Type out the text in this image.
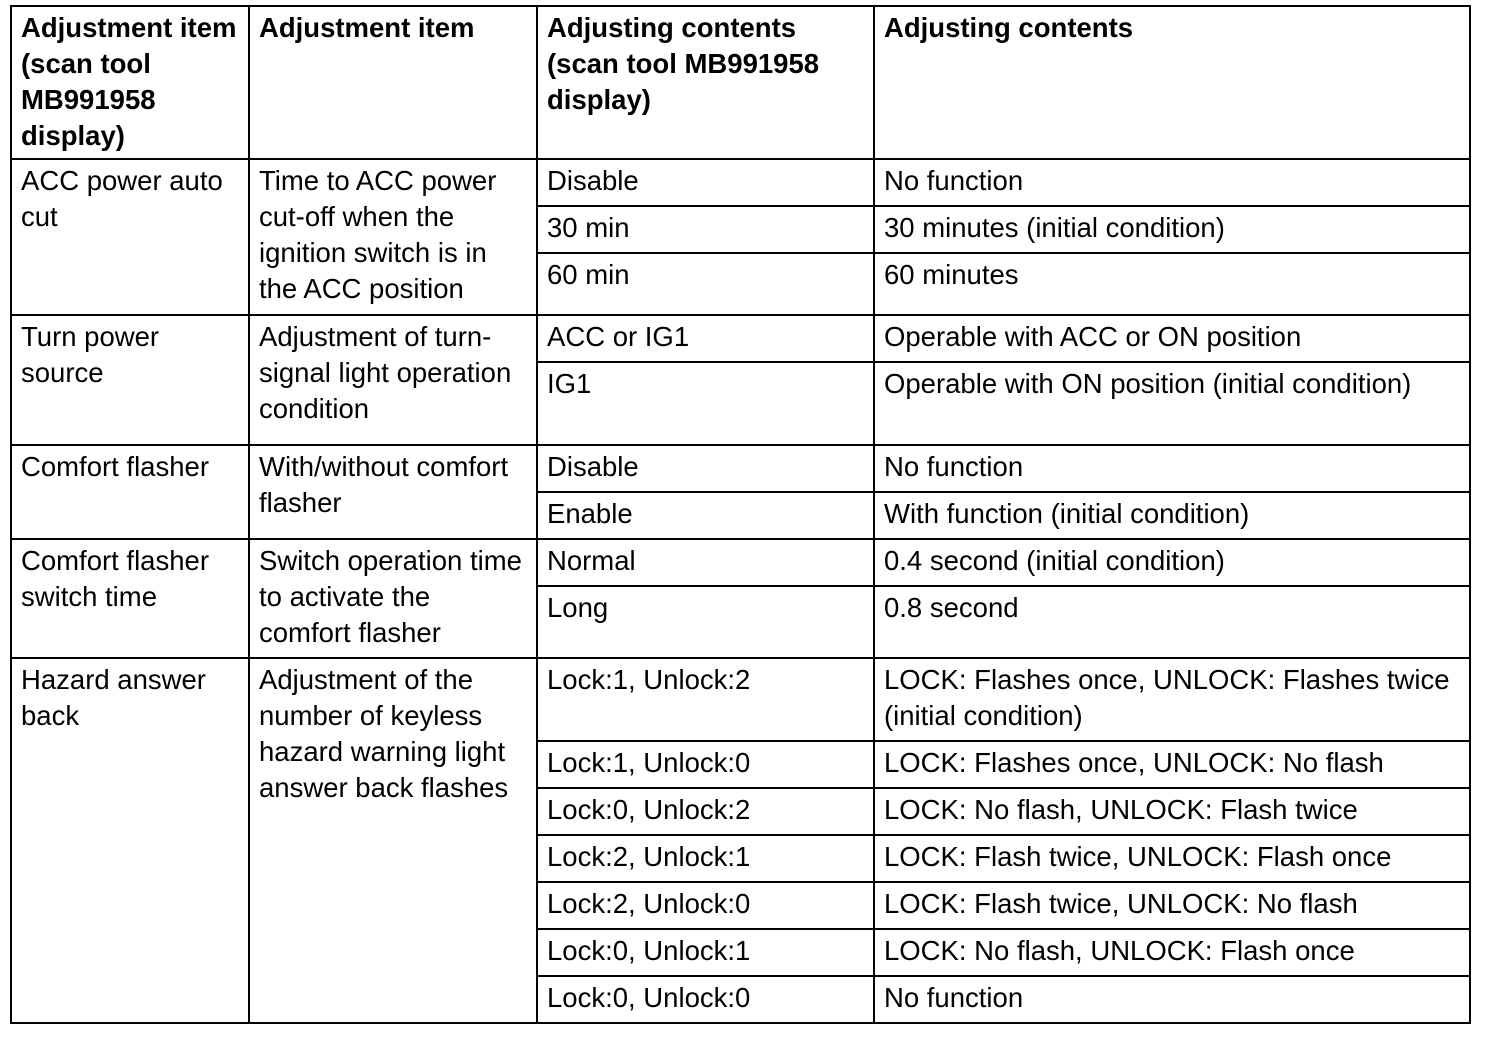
Adjustment item (scan tool MB991958 display)	Adjustment item	Adjusting contents (scan tool MB991958 display)	Adjusting contents
ACC power auto cut	Time to ACC power cut-off when the ignition switch is in the ACC position	Disable	No function
		30 min	30 minutes (initial condition)
		60 min	60 minutes
Turn power source	Adjustment of turn-signal light operation condition	ACC or IG1	Operable with ACC or ON position
		IG1	Operable with ON position (initial condition)
Comfort flasher	With/without comfort flasher	Disable	No function
		Enable	With function (initial condition)
Comfort flasher switch time	Switch operation time to activate the comfort flasher	Normal	0.4 second (initial condition)
		Long	0.8 second
Hazard answer back	Adjustment of the number of keyless hazard warning light answer back flashes	Lock:1, Unlock:2	LOCK: Flashes once, UNLOCK: Flashes twice (initial condition)
		Lock:1, Unlock:0	LOCK: Flashes once, UNLOCK: No flash
		Lock:0, Unlock:2	LOCK: No flash, UNLOCK: Flash twice
		Lock:2, Unlock:1	LOCK: Flash twice, UNLOCK: Flash once
		Lock:2, Unlock:0	LOCK: Flash twice, UNLOCK: No flash
		Lock:0, Unlock:1	LOCK: No flash, UNLOCK: Flash once
		Lock:0, Unlock:0	No function
